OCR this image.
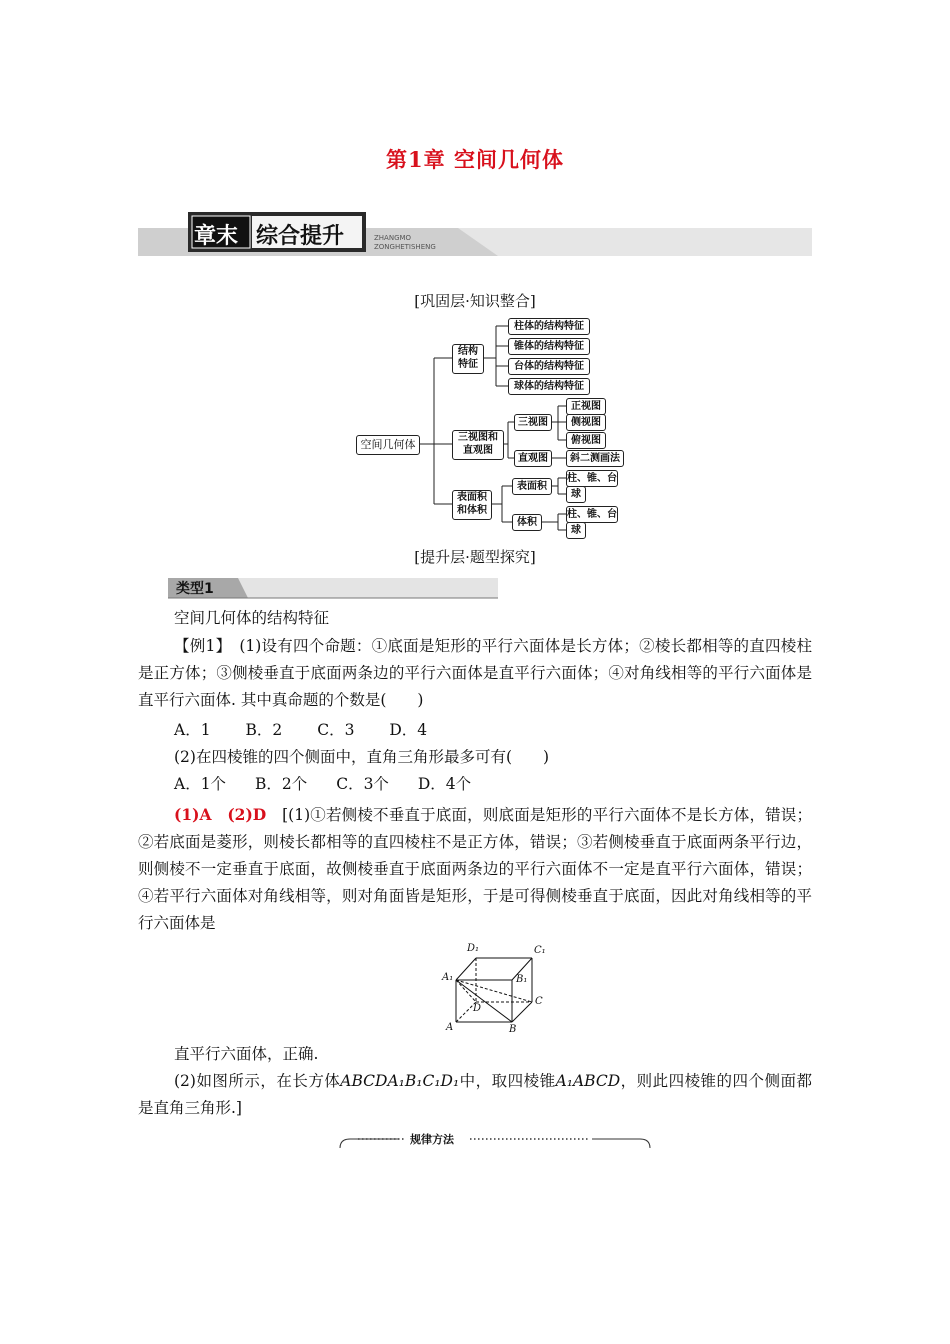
第1章 空间几何体
章末 综合提升	ZHANGMO
ZONGHETISHENG
[巩固层·知识整合]
空间几何体
结构
特征
柱体的结构特征
锥体的结构特征
台体的结构特征
球体的结构特征
三视图和
直观图
三视图
正视图
侧视图
俯视图
直观图	斜二测画法
表面积
和体积
表面积
柱、锥、台
球
体积
柱、锥、台
球
[提升层·题型探究]
类型1
空间几何体的结构特征
【例1】　 (1)设有四个命题：①底面是矩形的平行六面体是长方体；②棱长都相等的直四棱柱是正方体；③侧棱垂直于底面两条边的平行六面体是直平行六面体；④对角线相等的平行六面体是直平行六面体. 其中真命题的个数是(　　)
A．1 B．2 C．3 D．4
(2)在四棱锥的四个侧面中，直角三角形最多可有(　　)
A．1个 B．2个 C．3个 D．4个
(1)A　(2)D　 [(1)①若侧棱不垂直于底面，则底面是矩形的平行六面体不是长方体，错误；②若底面是菱形，则棱长都相等的直四棱柱不是正方体，错误；③若侧棱垂直于底面两条平行边，则侧棱不一定垂直于底面，故侧棱垂直于底面两条边的平行六面体不一定是直平行六面体，错误；④若平行六面体对角线相等，则对角面皆是矩形，于是可得侧棱垂直于底面，因此对角线相等的平行六面体是
D₁	C₁
A₁	B₁
C
D
A	B
直平行六面体，正确.
(2)如图所示，在长方体ABCDA₁B₁C₁D₁中，取四棱锥A₁ABCD，则此四棱锥的四个侧面都是直角三角形.]
规律方法
